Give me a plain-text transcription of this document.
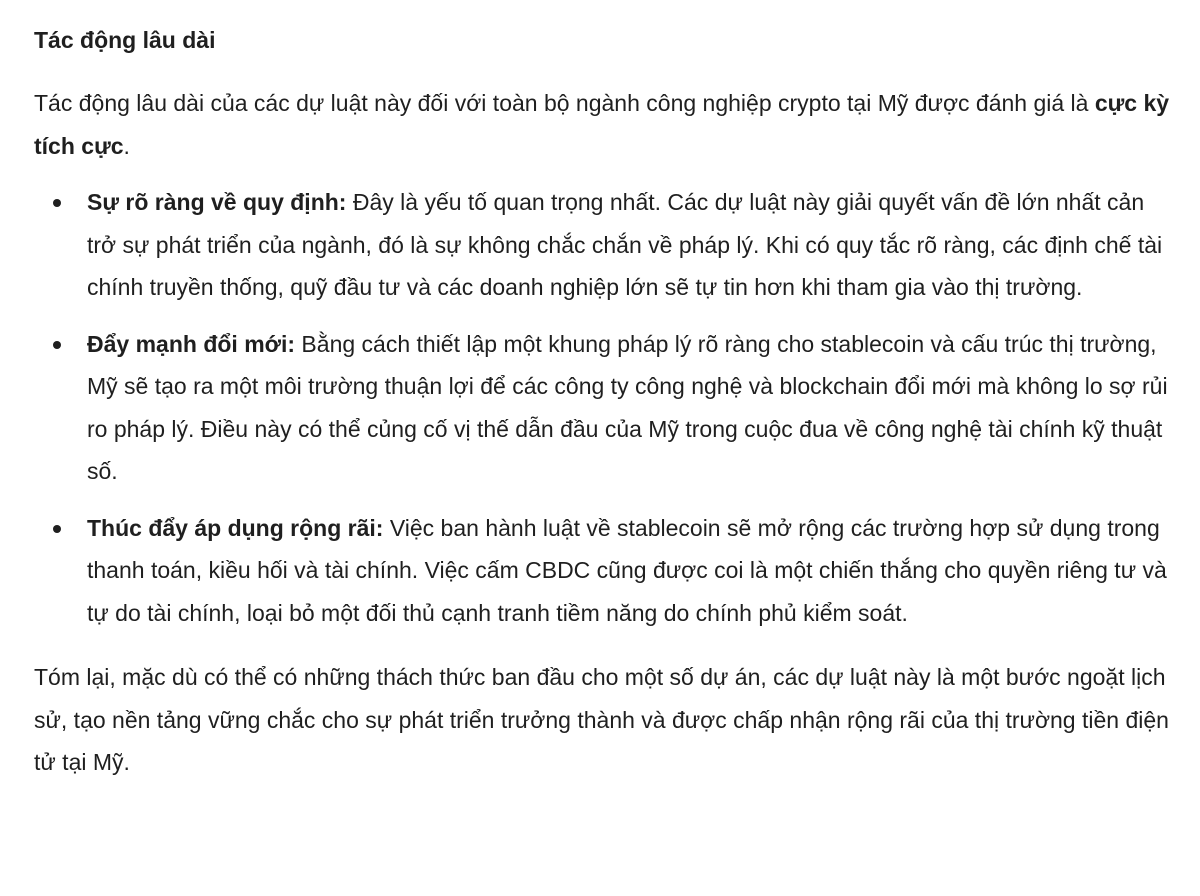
Tác động lâu dài

Tác động lâu dài của các dự luật này đối với toàn bộ ngành công nghiệp crypto tại Mỹ được đánh giá là cực kỳ tích cực.

Sự rõ ràng về quy định: Đây là yếu tố quan trọng nhất. Các dự luật này giải quyết vấn đề lớn nhất cản trở sự phát triển của ngành, đó là sự không chắc chắn về pháp lý. Khi có quy tắc rõ ràng, các định chế tài chính truyền thống, quỹ đầu tư và các doanh nghiệp lớn sẽ tự tin hơn khi tham gia vào thị trường.
Đẩy mạnh đổi mới: Bằng cách thiết lập một khung pháp lý rõ ràng cho stablecoin và cấu trúc thị trường, Mỹ sẽ tạo ra một môi trường thuận lợi để các công ty công nghệ và blockchain đổi mới mà không lo sợ rủi ro pháp lý. Điều này có thể củng cố vị thế dẫn đầu của Mỹ trong cuộc đua về công nghệ tài chính kỹ thuật số.
Thúc đẩy áp dụng rộng rãi: Việc ban hành luật về stablecoin sẽ mở rộng các trường hợp sử dụng trong thanh toán, kiều hối và tài chính. Việc cấm CBDC cũng được coi là một chiến thắng cho quyền riêng tư và tự do tài chính, loại bỏ một đối thủ cạnh tranh tiềm năng do chính phủ kiểm soát.

Tóm lại, mặc dù có thể có những thách thức ban đầu cho một số dự án, các dự luật này là một bước ngoặt lịch sử, tạo nền tảng vững chắc cho sự phát triển trưởng thành và được chấp nhận rộng rãi của thị trường tiền điện tử tại Mỹ.
